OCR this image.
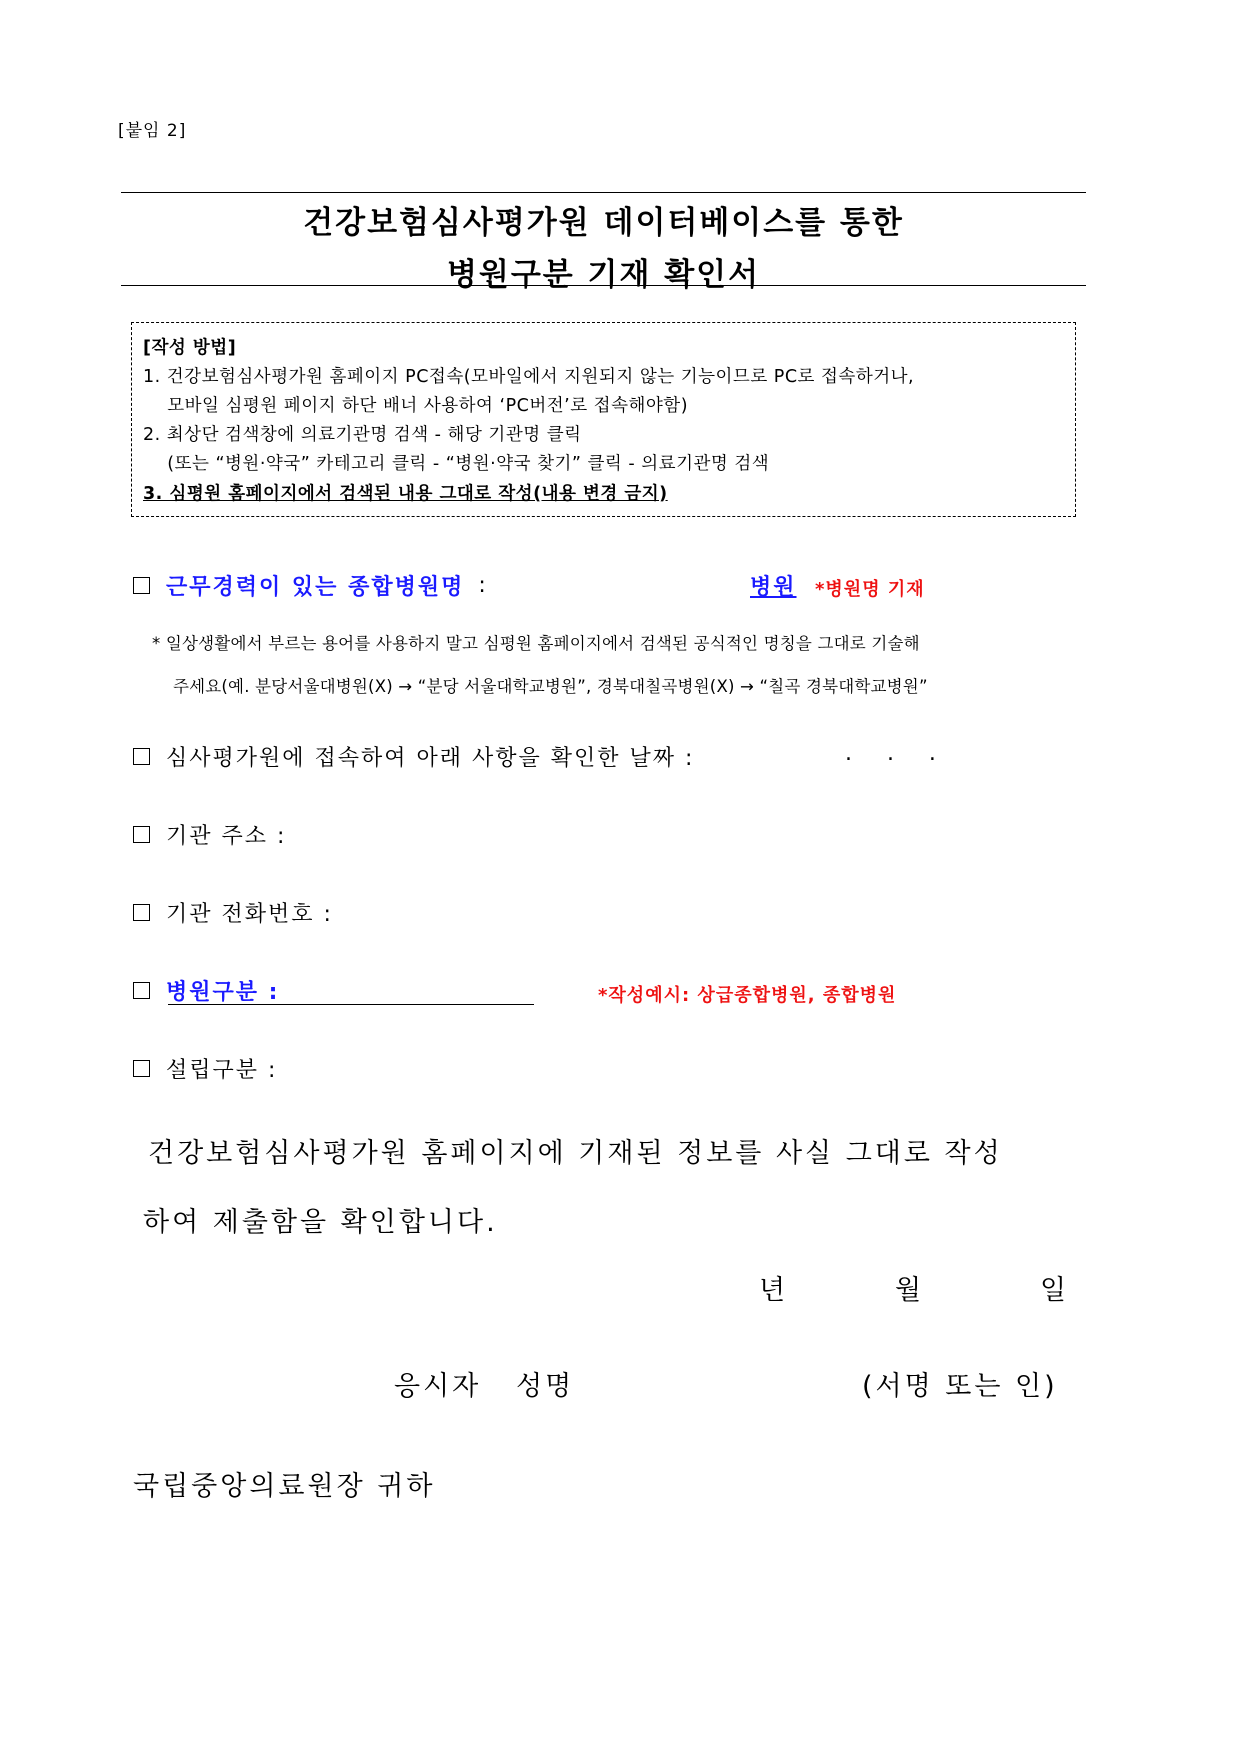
[붙임 2]
건강보험심사평가원 데이터베이스를 통한
병원구분 기재 확인서
[작성 방법]
1. 건강보험심사평가원 홈페이지 PC접속(모바일에서 지원되지 않는 기능이므로 PC로 접속하거나,
모바일 심평원 페이지 하단 배너 사용하여 ‘PC버전’로 접속해야함)
2. 최상단 검색창에 의료기관명 검색 - 해당 기관명 클릭
(또는 “병원·약국” 카테고리 클릭 - “병원·약국 찾기” 클릭 - 의료기관명 검색
3. 심평원 홈페이지에서 검색된 내용 그대로 작성(내용 변경 금지)
근무경력이 있는 종합병원명 :	병원 *병원명 기재
* 일상생활에서 부르는 용어를 사용하지 말고 심평원 홈페이지에서 검색된 공식적인 명칭을 그대로 기술해
주세요(예. 분당서울대병원(X) → “분당 서울대학교병원”, 경북대칠곡병원(X) → “칠곡 경북대학교병원”
심사평가원에 접속하여 아래 사항을 확인한 날짜 :	.     .     .
기관 주소 :
기관 전화번호 :
병원구분 :	*작성예시: 상급종합병원, 종합병원
설립구분 :
건강보험심사평가원 홈페이지에 기재된 정보를 사실 그대로 작성
하여 제출함을 확인합니다.
년	월	일
응시자   성명	(서명 또는 인)
국립중앙의료원장 귀하
